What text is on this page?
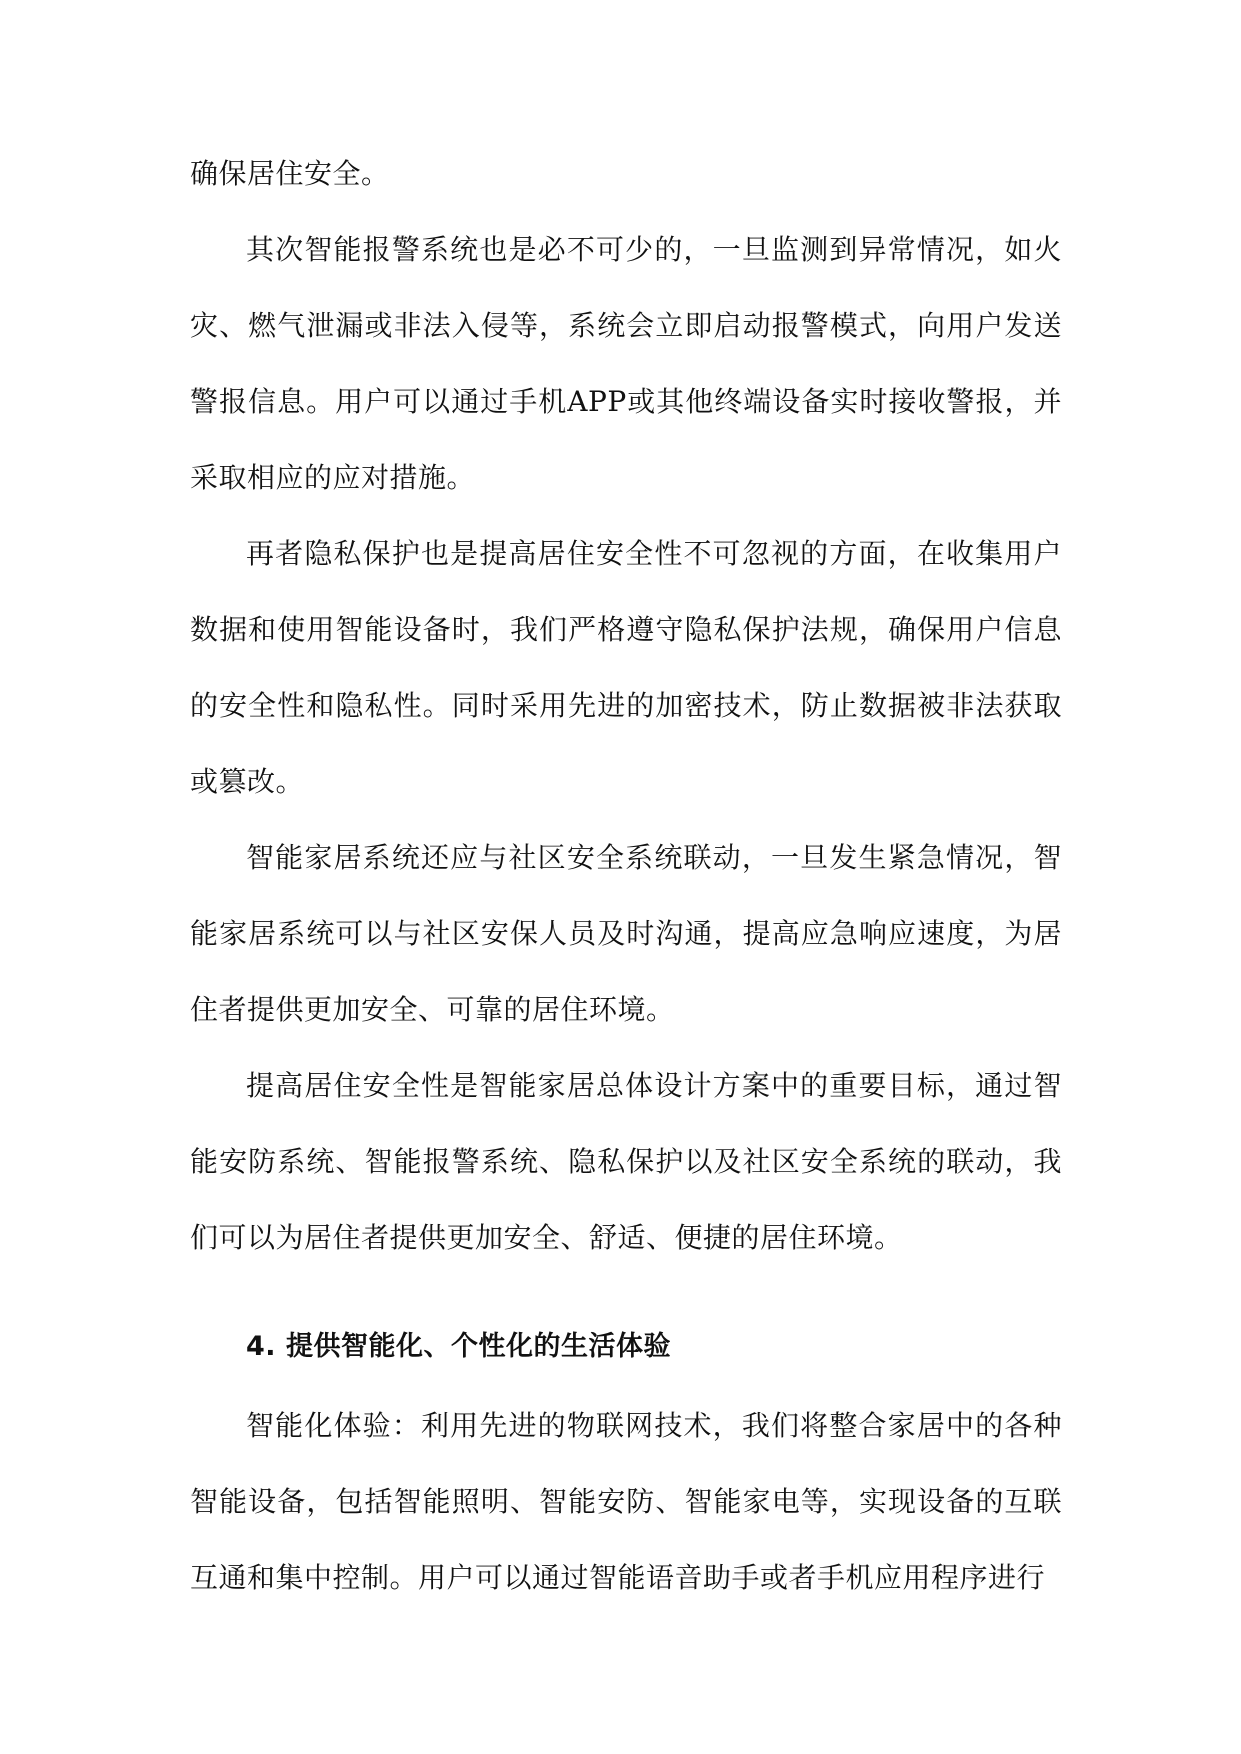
确保居住安全。

其次智能报警系统也是必不可少的，一旦监测到异常情况，如火灾、燃气泄漏或非法入侵等，系统会立即启动报警模式，向用户发送警报信息。用户可以通过手机APP或其他终端设备实时接收警报，并采取相应的应对措施。

再者隐私保护也是提高居住安全性不可忽视的方面，在收集用户数据和使用智能设备时，我们严格遵守隐私保护法规，确保用户信息的安全性和隐私性。同时采用先进的加密技术，防止数据被非法获取或篡改。

智能家居系统还应与社区安全系统联动，一旦发生紧急情况，智能家居系统可以与社区安保人员及时沟通，提高应急响应速度，为居住者提供更加安全、可靠的居住环境。

提高居住安全性是智能家居总体设计方案中的重要目标，通过智能安防系统、智能报警系统、隐私保护以及社区安全系统的联动，我们可以为居住者提供更加安全、舒适、便捷的居住环境。

4. 提供智能化、个性化的生活体验

智能化体验：利用先进的物联网技术，我们将整合家居中的各种智能设备，包括智能照明、智能安防、智能家电等，实现设备的互联互通和集中控制。用户可以通过智能语音助手或者手机应用程序进行
